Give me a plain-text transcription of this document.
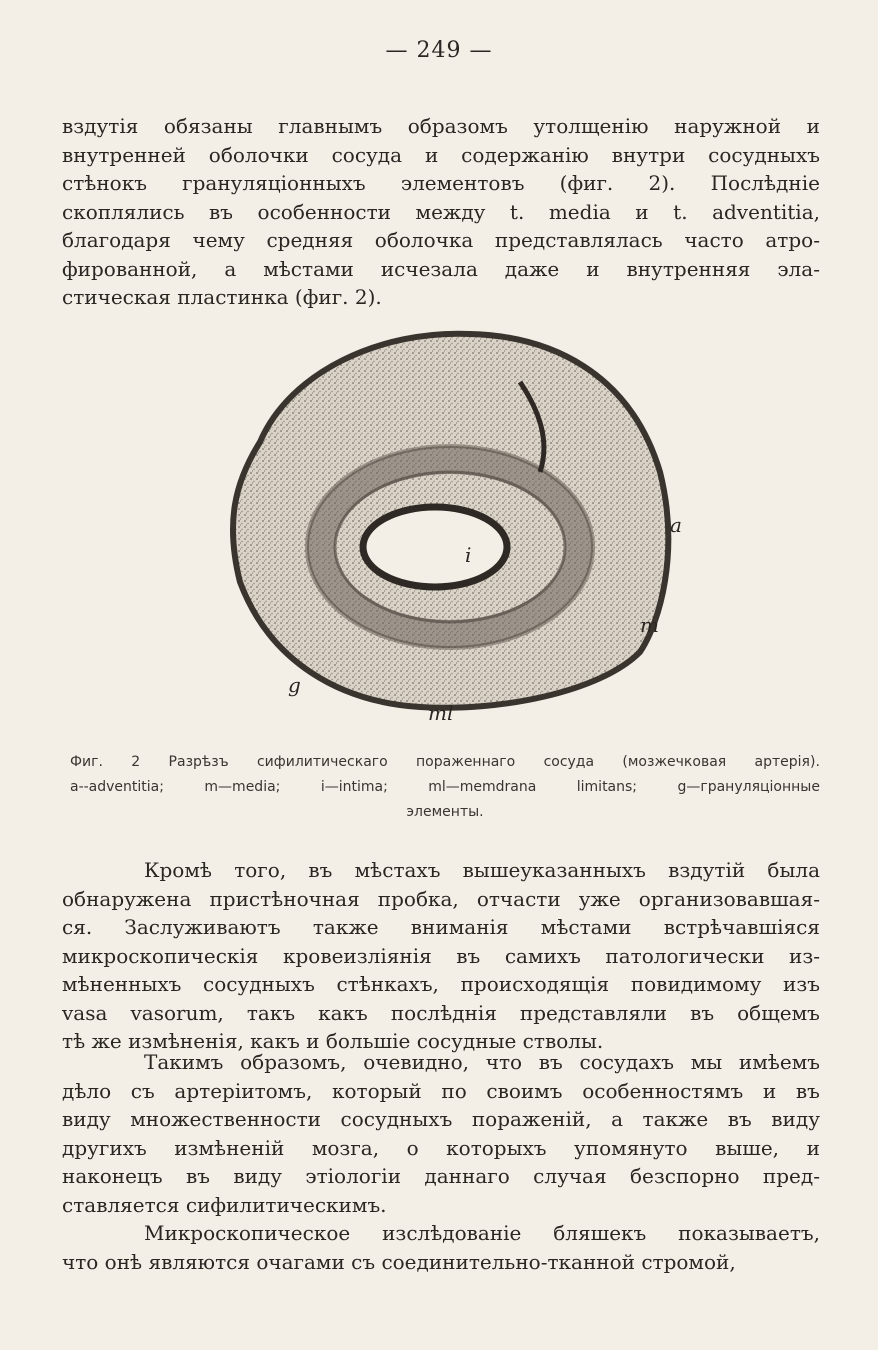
— 249 —
вздутія обязаны главнымъ образомъ утолщенію наружной и
внутренней оболочки сосуда и содержанію внутри сосудныхъ
стѣнокъ грануляціонныхъ элементовъ (фиг. 2). Послѣдніе
скоплялись въ особенности между t. media и t. adventitia,
благодаря чему средняя оболочка представлялась часто атро-
фированной, а мѣстами исчезала даже и внутренняя эла-
стическая пластинка (фиг. 2).
a
m
i
ml
g
Фиг. 2 Разрѣзъ сифилитическаго пораженнаго сосуда (мозжечковая артерія).
a--adventitia;	m—media;	i—intima;	ml—memdrana	limitans;	g—грануляціонные
элементы.
Кромѣ того, въ мѣстахъ вышеуказанныхъ вздутій была
обнаружена пристѣночная пробка, отчасти уже организовавшая-
ся. Заслуживаютъ также вниманія мѣстами встрѣчавшіяся
микроскопическія кровеизліянія въ самихъ патологически из-
мѣненныхъ сосудныхъ стѣнкахъ, происходящія повидимому изъ
vasa vasorum, такъ какъ послѣднія представляли въ общемъ
тѣ же измѣненія, какъ и большіе сосудные стволы.
Такимъ образомъ, очевидно, что въ сосудахъ мы имѣемъ
дѣло съ артеріитомъ, который по своимъ особенностямъ и въ
виду множественности сосудныхъ пораженій, а также въ виду
другихъ измѣненій мозга, о которыхъ упомянуто выше, и
наконецъ въ виду этіологіи даннаго случая безспорно пред-
ставляется сифилитическимъ.
Микроскопическое изслѣдованіе бляшекъ показываетъ,
что онѣ являются очагами съ соединительно-тканной стромой,
